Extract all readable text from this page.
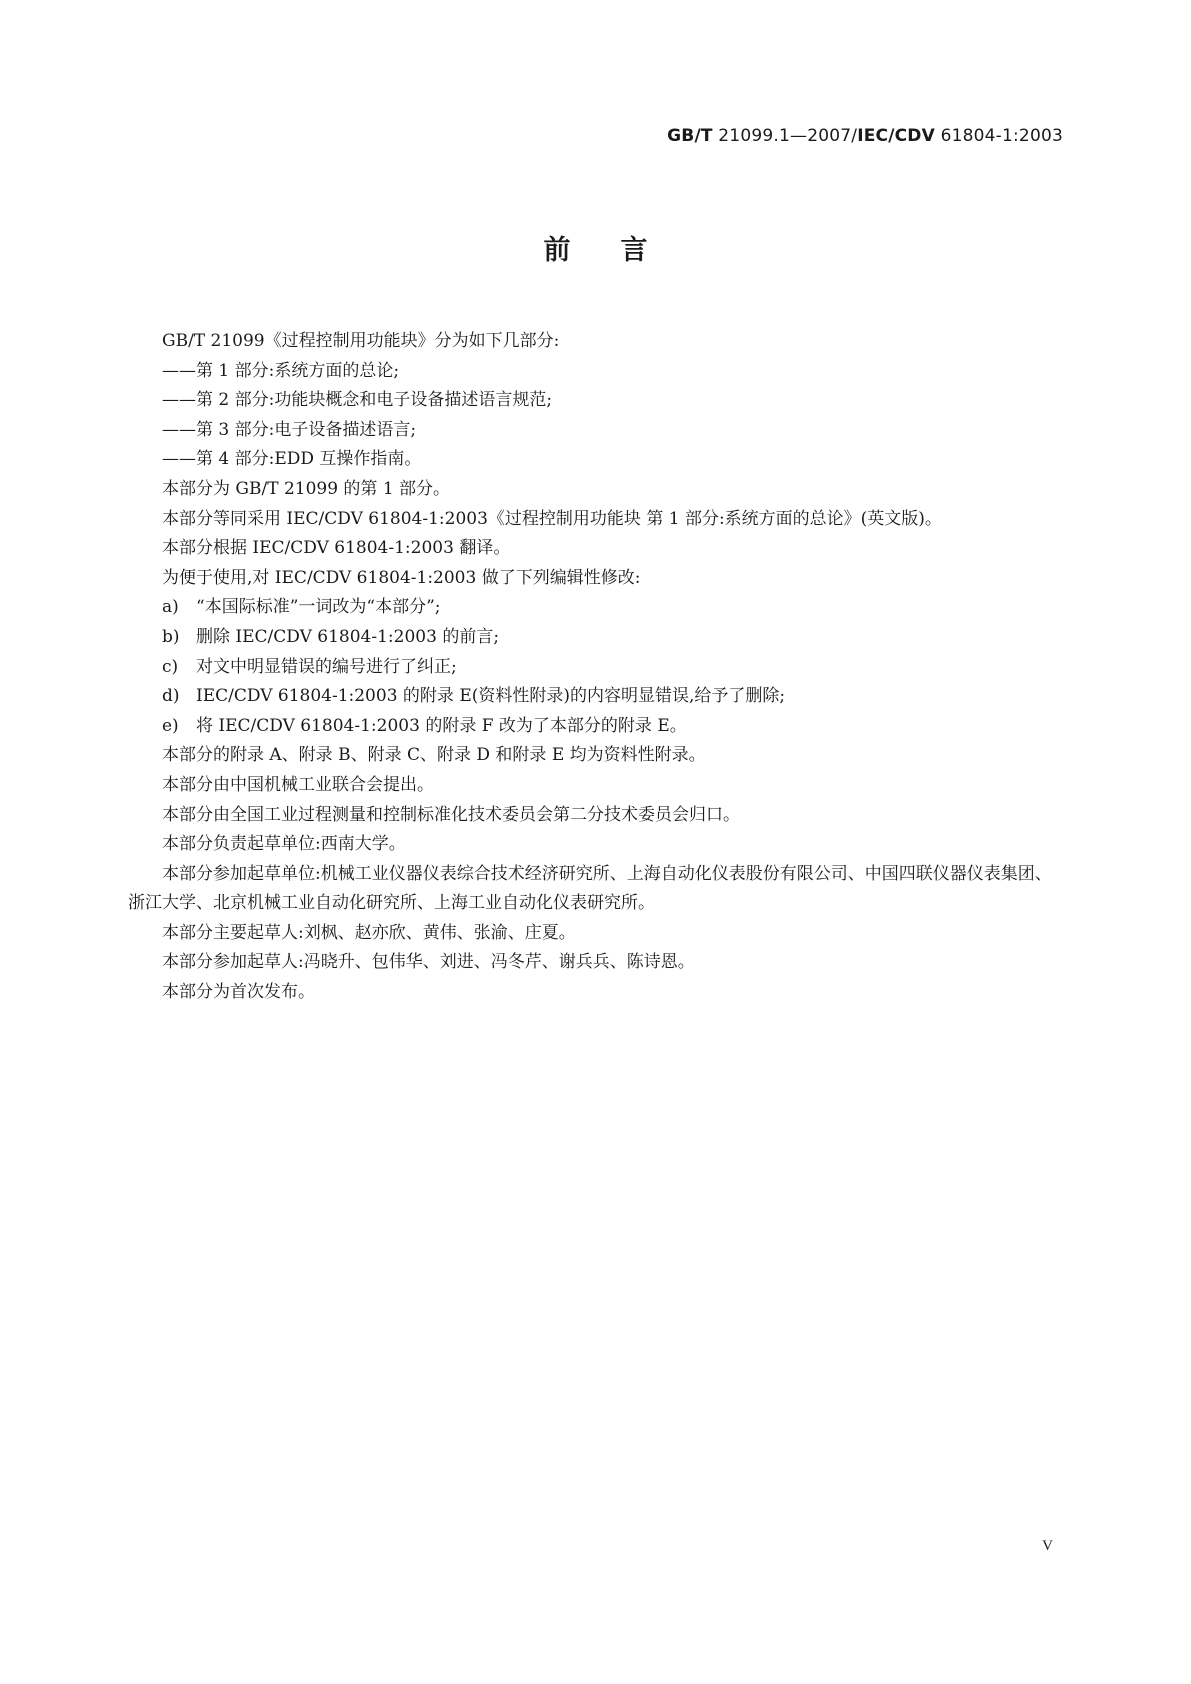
GB/T 21099.1—2007/IEC/CDV 61804-1:2003
前言

GB/T 21099《过程控制用功能块》分为如下几部分:

——第 1 部分:系统方面的总论;

——第 2 部分:功能块概念和电子设备描述语言规范;

——第 3 部分:电子设备描述语言;

——第 4 部分:EDD 互操作指南。

本部分为 GB/T 21099 的第 1 部分。

本部分等同采用 IEC/CDV 61804-1:2003《过程控制用功能块 第 1 部分:系统方面的总论》(英文版)。

本部分根据 IEC/CDV 61804-1:2003 翻译。

为便于使用,对 IEC/CDV 61804-1:2003 做了下列编辑性修改:

a) “本国际标准”一词改为“本部分”;

b) 删除 IEC/CDV 61804-1:2003 的前言;

c) 对文中明显错误的编号进行了纠正;

d) IEC/CDV 61804-1:2003 的附录 E(资料性附录)的内容明显错误,给予了删除;

e) 将 IEC/CDV 61804-1:2003 的附录 F 改为了本部分的附录 E。

本部分的附录 A、附录 B、附录 C、附录 D 和附录 E 均为资料性附录。

本部分由中国机械工业联合会提出。

本部分由全国工业过程测量和控制标准化技术委员会第二分技术委员会归口。

本部分负责起草单位:西南大学。

本部分参加起草单位:机械工业仪器仪表综合技术经济研究所、上海自动化仪表股份有限公司、中国四联仪器仪表集团、浙江大学、北京机械工业自动化研究所、上海工业自动化仪表研究所。

本部分主要起草人:刘枫、赵亦欣、黄伟、张渝、庄夏。

本部分参加起草人:冯晓升、包伟华、刘进、冯冬芹、谢兵兵、陈诗恩。

本部分为首次发布。

V
